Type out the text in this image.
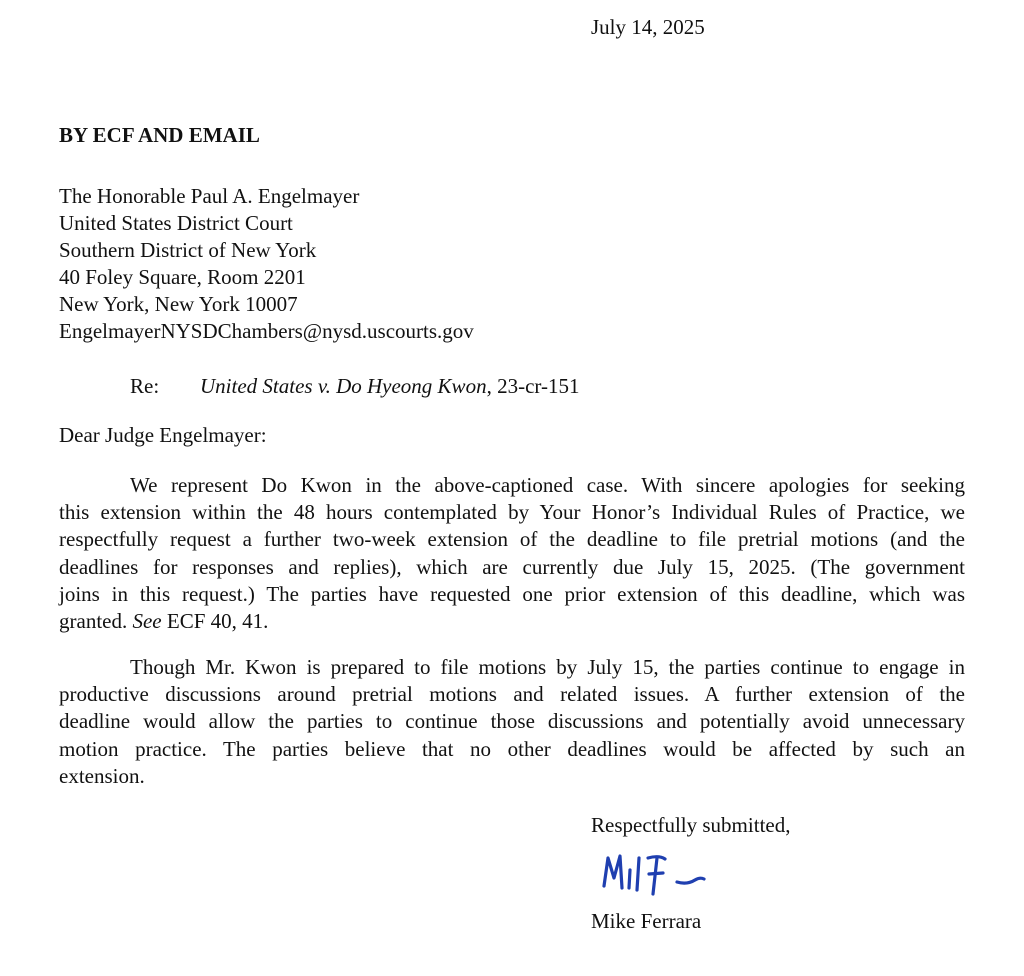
July 14, 2025
BY ECF AND EMAIL
The Honorable Paul A. Engelmayer
United States District Court
Southern District of New York
40 Foley Square, Room 2201
New York, New York 10007
EngelmayerNYSDChambers@nysd.uscourts.gov
Re: United States v. Do Hyeong Kwon, 23-cr-151
Dear Judge Engelmayer:
We represent Do Kwon in the above-captioned case. With sincere apologies for seeking
this extension within the 48 hours contemplated by Your Honor’s Individual Rules of Practice, we
respectfully request a further two-week extension of the deadline to file pretrial motions (and the
deadlines for responses and replies), which are currently due July 15, 2025. (The government
joins in this request.) The parties have requested one prior extension of this deadline, which was
granted. See ECF 40, 41.
Though Mr. Kwon is prepared to file motions by July 15, the parties continue to engage in
productive discussions around pretrial motions and related issues. A further extension of the
deadline would allow the parties to continue those discussions and potentially avoid unnecessary
motion practice. The parties believe that no other deadlines would be affected by such an
extension.
Respectfully submitted,
Mike Ferrara
